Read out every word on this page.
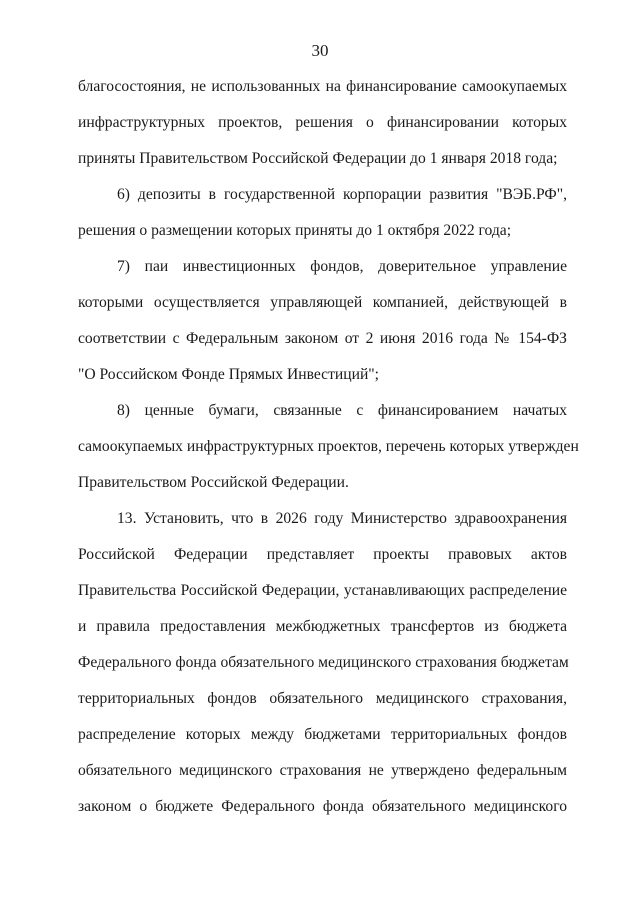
30
благосостояния, не использованных на финансирование самоокупаемых
инфраструктурных проектов, решения о финансировании которых
приняты Правительством Российской Федерации до 1 января 2018 года;
6) депозиты в государственной корпорации развития "ВЭБ.РФ",
решения о размещении которых приняты до 1 октября 2022 года;
7) паи инвестиционных фондов, доверительное управление
которыми осуществляется управляющей компанией, действующей в
соответствии с Федеральным законом от 2 июня 2016 года № 154-ФЗ
"О Российском Фонде Прямых Инвестиций";
8) ценные бумаги, связанные с финансированием начатых
самоокупаемых инфраструктурных проектов, перечень которых утвержден
Правительством Российской Федерации.
13. Установить, что в 2026 году Министерство здравоохранения
Российской Федерации представляет проекты правовых актов
Правительства Российской Федерации, устанавливающих распределение
и правила предоставления межбюджетных трансфертов из бюджета
Федерального фонда обязательного медицинского страхования бюджетам
территориальных фондов обязательного медицинского страхования,
распределение которых между бюджетами территориальных фондов
обязательного медицинского страхования не утверждено федеральным
законом о бюджете Федерального фонда обязательного медицинского
